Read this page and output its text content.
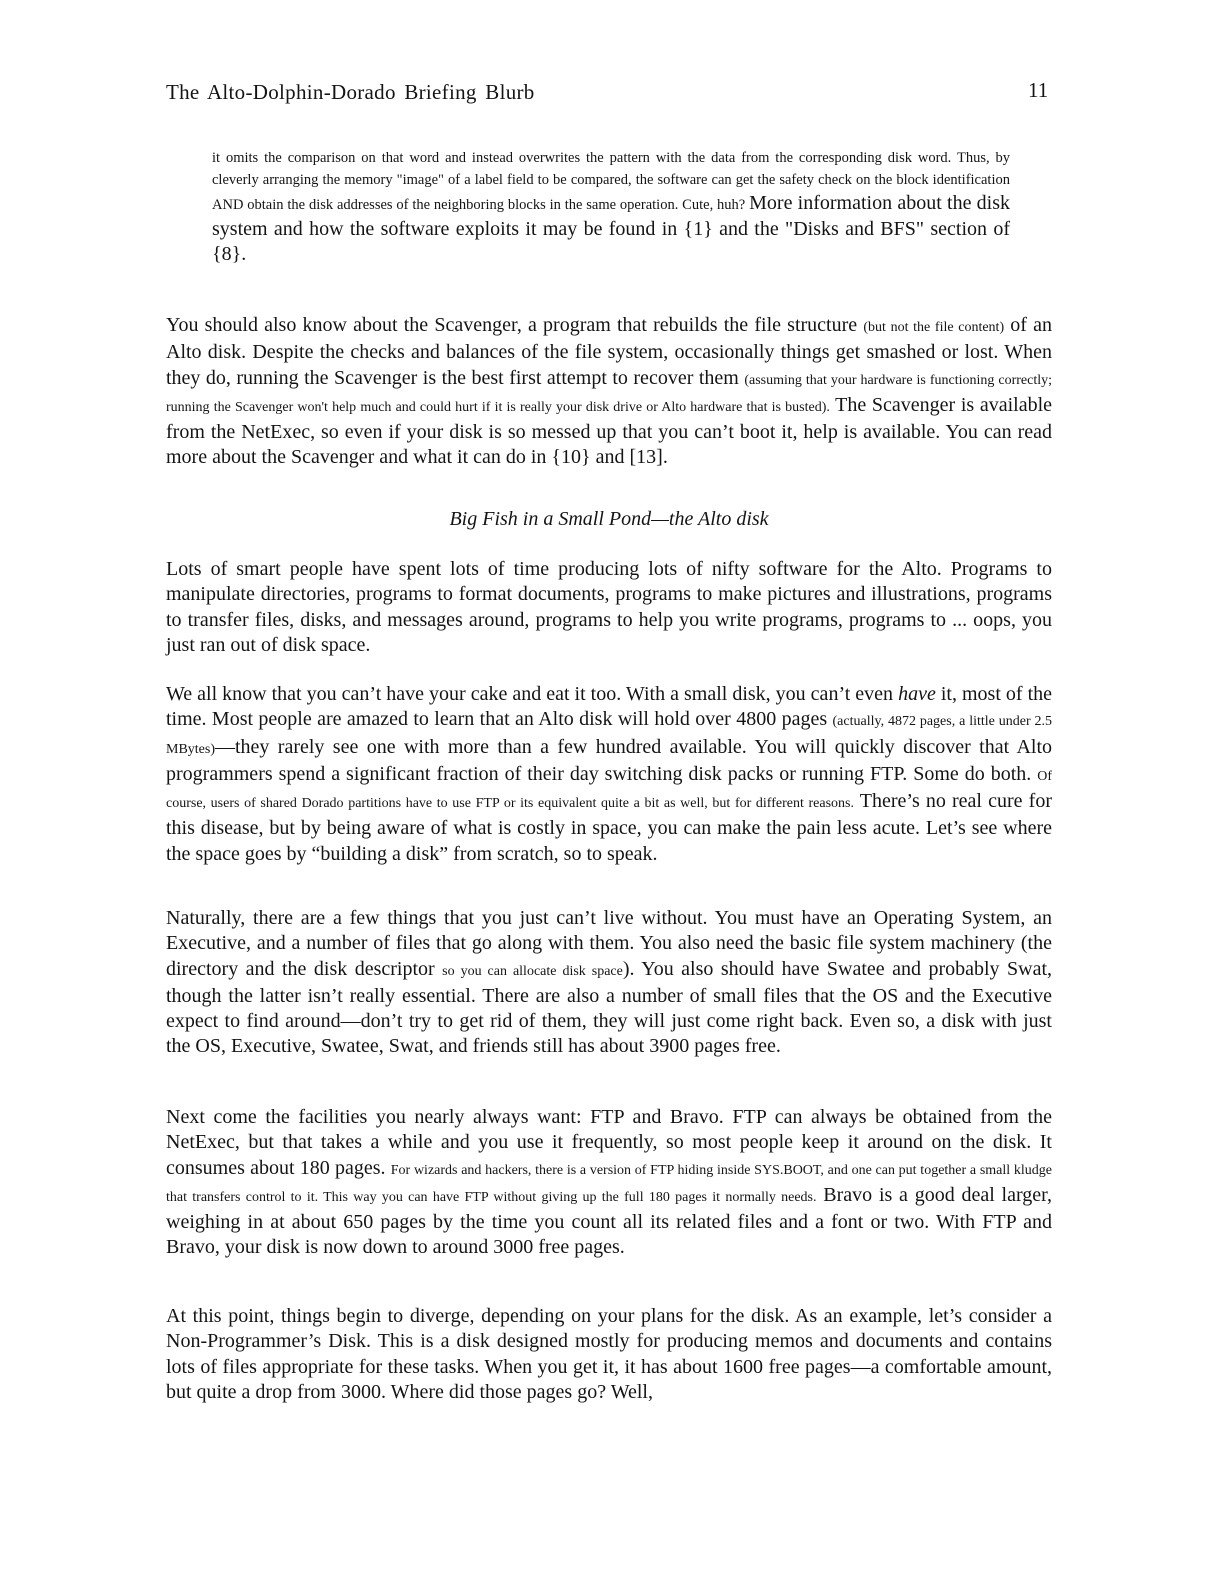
The Alto-Dolphin-Dorado Briefing Blurb	11

it omits the comparison on that word and instead overwrites the pattern with the data from the corresponding disk word. Thus, by cleverly arranging the memory "image" of a label field to be compared, the software can get the safety check on the block identification AND obtain the disk addresses of the neighboring blocks in the same operation. Cute, huh? More information about the disk system and how the software exploits it may be found in {1} and the "Disks and BFS" section of {8}.

You should also know about the Scavenger, a program that rebuilds the file structure (but not the file content) of an Alto disk. Despite the checks and balances of the file system, occasionally things get smashed or lost. When they do, running the Scavenger is the best first attempt to recover them (assuming that your hardware is functioning correctly; running the Scavenger won't help much and could hurt if it is really your disk drive or Alto hardware that is busted). The Scavenger is available from the NetExec, so even if your disk is so messed up that you can’t boot it, help is available. You can read more about the Scavenger and what it can do in {10} and [13].

Big Fish in a Small Pond—the Alto disk

Lots of smart people have spent lots of time producing lots of nifty software for the Alto. Programs to manipulate directories, programs to format documents, programs to make pictures and illustrations, programs to transfer files, disks, and messages around, programs to help you write programs, programs to ... oops, you just ran out of disk space.

We all know that you can’t have your cake and eat it too. With a small disk, you can’t even have it, most of the time. Most people are amazed to learn that an Alto disk will hold over 4800 pages (actually, 4872 pages, a little under 2.5 MBytes)—they rarely see one with more than a few hundred available. You will quickly discover that Alto programmers spend a significant fraction of their day switching disk packs or running FTP. Some do both. Of course, users of shared Dorado partitions have to use FTP or its equivalent quite a bit as well, but for different reasons. There’s no real cure for this disease, but by being aware of what is costly in space, you can make the pain less acute. Let’s see where the space goes by “building a disk” from scratch, so to speak.

Naturally, there are a few things that you just can’t live without. You must have an Operating System, an Executive, and a number of files that go along with them. You also need the basic file system machinery (the directory and the disk descriptor so you can allocate disk space). You also should have Swatee and probably Swat, though the latter isn’t really essential. There are also a number of small files that the OS and the Executive expect to find around—don’t try to get rid of them, they will just come right back. Even so, a disk with just the OS, Executive, Swatee, Swat, and friends still has about 3900 pages free.

Next come the facilities you nearly always want: FTP and Bravo. FTP can always be obtained from the NetExec, but that takes a while and you use it frequently, so most people keep it around on the disk. It consumes about 180 pages. For wizards and hackers, there is a version of FTP hiding inside SYS.BOOT, and one can put together a small kludge that transfers control to it. This way you can have FTP without giving up the full 180 pages it normally needs. Bravo is a good deal larger, weighing in at about 650 pages by the time you count all its related files and a font or two. With FTP and Bravo, your disk is now down to around 3000 free pages.

At this point, things begin to diverge, depending on your plans for the disk. As an example, let’s consider a Non-Programmer’s Disk. This is a disk designed mostly for producing memos and documents and contains lots of files appropriate for these tasks. When you get it, it has about 1600 free pages—a comfortable amount, but quite a drop from 3000. Where did those pages go? Well,
